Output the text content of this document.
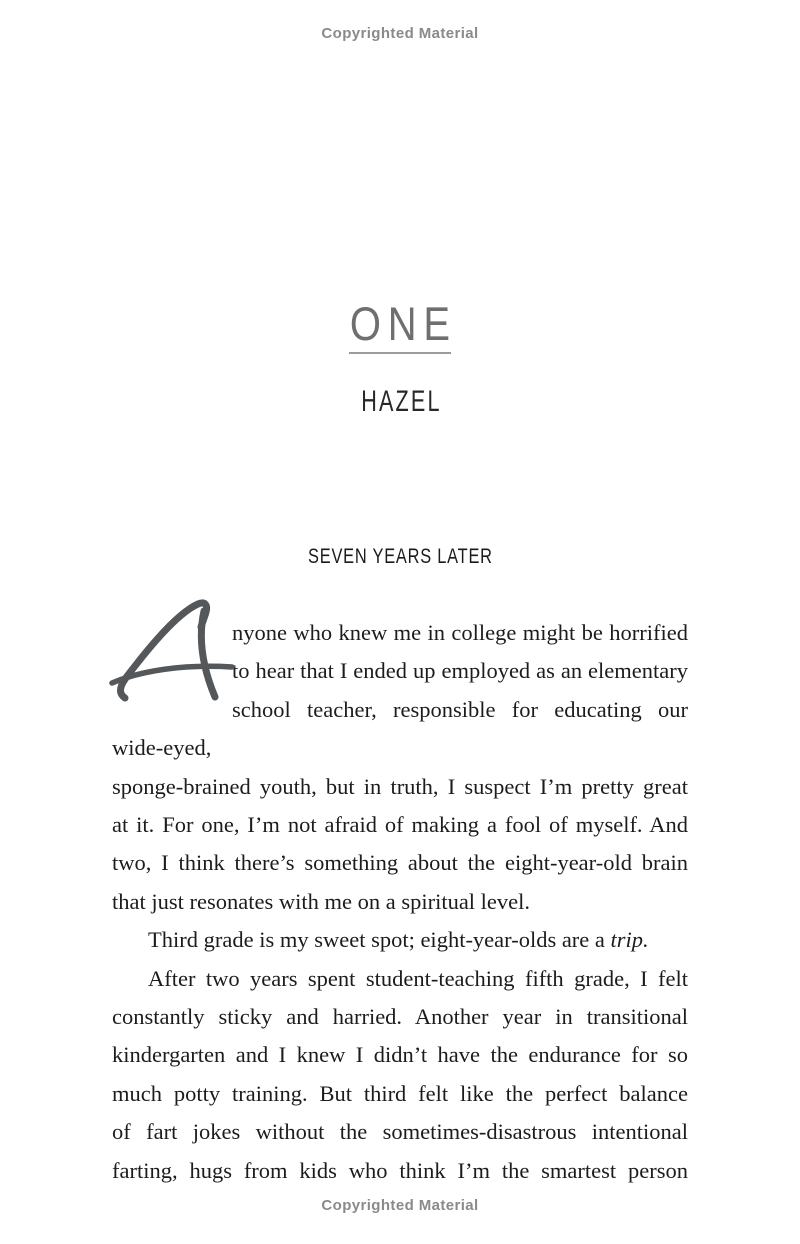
Copyrighted Material
ONE
HAZEL
SEVEN YEARS LATER
nyone who knew me in college might be horrified
to hear that I ended up employed as an elementary
school teacher, responsible for educating our wide-eyed,
sponge-brained youth, but in truth, I suspect I’m pretty great
at it. For one, I’m not afraid of making a fool of myself. And
two, I think there’s something about the eight-year-old brain
that just resonates with me on a spiritual level.
Third grade is my sweet spot; eight-year-olds are a trip.
After two years spent student-teaching fifth grade, I felt
constantly sticky and harried. Another year in transitional
kindergarten and I knew I didn’t have the endurance for so
much potty training. But third felt like the perfect balance
of fart jokes without the sometimes-disastrous intentional
farting, hugs from kids who think I’m the smartest person
Copyrighted Material
